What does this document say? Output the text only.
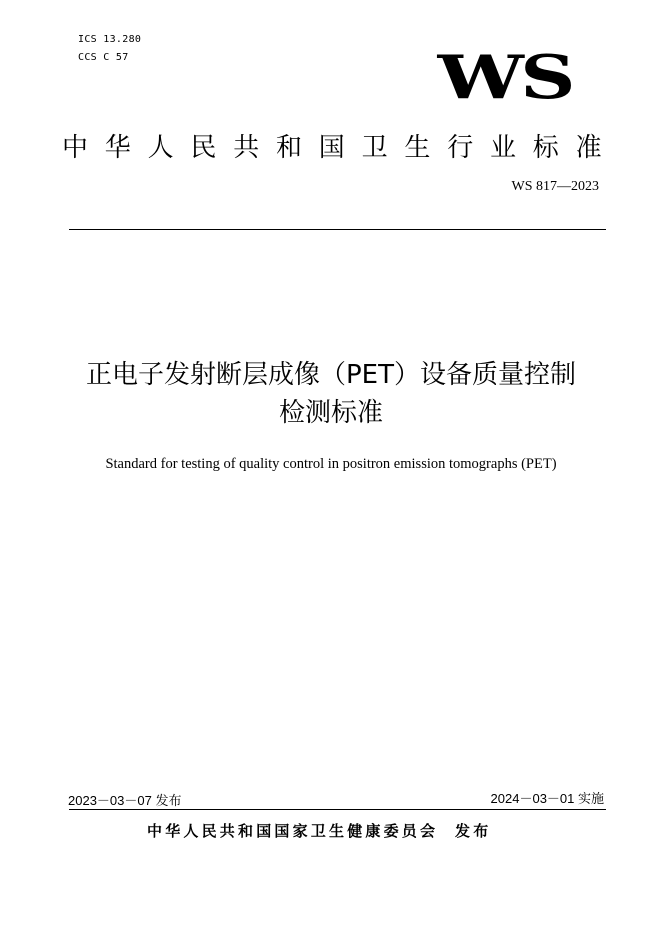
ICS 13.280
CCS C 57	WS
中华人民共和国卫生行业标准
WS 817—2023
正电子发射断层成像（PET）设备质量控制
检测标准
Standard for testing of quality control in positron emission tomographs (PET)
2023－03－07 发布	2024－03－01 实施
中华人民共和国国家卫生健康委员会  发布
